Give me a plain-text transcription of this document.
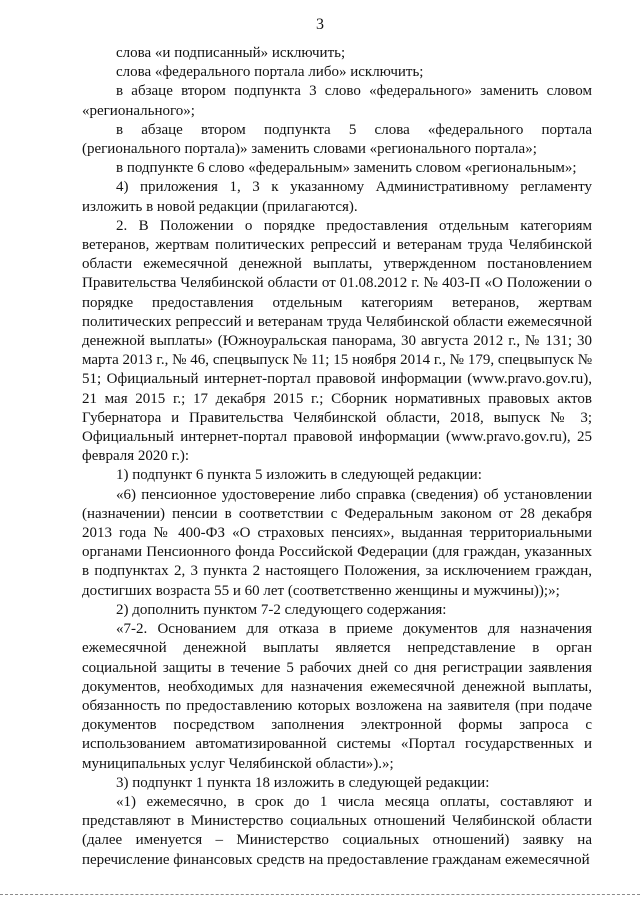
3

слова «и подписанный» исключить;

слова «федерального портала либо» исключить;

в абзаце втором подпункта 3 слово «федерального» заменить словом «регионального»;

в абзаце втором подпункта 5 слова «федерального портала (регионального портала)» заменить словами «регионального портала»;

в подпункте 6 слово «федеральным» заменить словом «региональным»;

4) приложения 1, 3 к указанному Административному регламенту изложить в новой редакции (прилагаются).

2. В Положении о порядке предоставления отдельным категориям ветеранов, жертвам политических репрессий и ветеранам труда Челябинской области ежемесячной денежной выплаты, утвержденном постановлением Правительства Челябинской области от 01.08.2012 г. № 403-П «О Положении о порядке предоставления отдельным категориям ветеранов, жертвам политических репрессий и ветеранам труда Челябинской области ежемесячной денежной выплаты» (Южноуральская панорама, 30 августа 2012 г., № 131; 30 марта 2013 г., № 46, спецвыпуск № 11; 15 ноября 2014 г., № 179, спецвыпуск № 51; Официальный интернет-портал правовой информации (www.pravo.gov.ru), 21 мая 2015 г.; 17 декабря 2015 г.; Сборник нормативных правовых актов Губернатора и Правительства Челябинской области, 2018, выпуск № 3; Официальный интернет-портал правовой информации (www.pravo.gov.ru), 25 февраля 2020 г.):

1) подпункт 6 пункта 5 изложить в следующей редакции:

«6) пенсионное удостоверение либо справка (сведения) об установлении (назначении) пенсии в соответствии с Федеральным законом от 28 декабря 2013 года № 400-ФЗ «О страховых пенсиях», выданная территориальными органами Пенсионного фонда Российской Федерации (для граждан, указанных в подпунктах 2, 3 пункта 2 настоящего Положения, за исключением граждан, достигших возраста 55 и 60 лет (соответственно женщины и мужчины));»;

2) дополнить пунктом 7-2 следующего содержания:

«7-2. Основанием для отказа в приеме документов для назначения ежемесячной денежной выплаты является непредставление в орган социальной защиты в течение 5 рабочих дней со дня регистрации заявления документов, необходимых для назначения ежемесячной денежной выплаты, обязанность по предоставлению которых возложена на заявителя (при подаче документов посредством заполнения электронной формы запроса с использованием автоматизированной системы «Портал государственных и муниципальных услуг Челябинской области»).»;

3) подпункт 1 пункта 18 изложить в следующей редакции:

«1) ежемесячно, в срок до 1 числа месяца оплаты, составляют и представляют в Министерство социальных отношений Челябинской области (далее именуется – Министерство социальных отношений) заявку на перечисление финансовых средств на предоставление гражданам ежемесячной
